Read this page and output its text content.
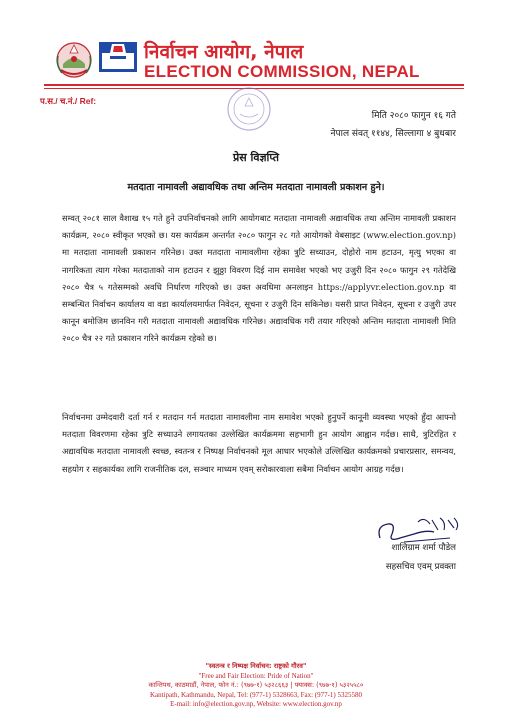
निर्वाचन आयोग, नेपाल
ELECTION COMMISSION, NEPAL
प.स./ च.नं./ Ref:
मिति २०८० फागुन १६ गते
नेपाल संवत् ११४४, सिल्लागा ४ बुधबार
प्रेस विज्ञप्ति
मतदाता नामावली अद्यावधिक तथा अन्तिम मतदाता नामावली प्रकाशन हुने।
सम्वत् २०८१ साल वैशाख १५ गते हुने उपनिर्वाचनको लागि आयोगबाट मतदाता नामावली अद्यावधिक तथा अन्तिम नामावली प्रकाशन कार्यक्रम, २०८० स्वीकृत भएको छ। यस कार्यक्रम अन्तर्गत २०८० फागुन २८ गते आयोगको वेबसाइट (www.election.gov.np) मा मतदाता नामावली प्रकाशन गरिनेछ। उक्त मतदाता नामावलीमा रहेका त्रुटि सच्याउन, दोहोरो नाम हटाउन, मृत्यु भएका वा नागरिकता त्याग गरेका मतदाताको नाम हटाउन र झुठ्ठा विवरण दिई नाम समावेश भएको भए उजुरी दिन २०८० फागुन २९ गतेदेखि २०८० चैत्र ५ गतेसम्मको अवधि निर्धारण गरिएको छ। उक्त अवधिमा अनलाइन https://applyvr.election.gov.np वा सम्बन्धित निर्वाचन कार्यालय वा वडा कार्यालयमार्फत निवेदन, सूचना र उजुरी दिन सकिनेछ। यसरी प्राप्त निवेदन, सूचना र उजुरी उपर कानून बमोजिम छानविन गरी मतदाता नामावली अद्यावधिक गरिनेछ। अद्यावधिक गरी तयार गरिएको अन्तिम मतदाता नामावली मिति २०८० चैत्र २२ गते प्रकाशन गरिने कार्यक्रम रहेको छ।
निर्वाचनमा उम्मेदवारी दर्ता गर्न र मतदान गर्न मतदाता नामावलीमा नाम समावेश भएको हुनुपर्ने कानूनी व्यवस्था भएको हुँदा आफ्नो मतदाता विवरणमा रहेका त्रुटि सच्याउने लगायतका उल्लेखित कार्यक्रममा सहभागी हुन आयोग आह्वान गर्दछ। साथै, त्रुटिरहित र अद्यावधिक मतदाता नामावली स्वच्छ, स्वतन्त्र र निष्पक्ष निर्वाचनको मूल आधार भएकोले उल्लिखित कार्यक्रमको प्रचारप्रसार, समन्वय, सहयोग र सहकार्यका लागि राजनीतिक दल, सञ्चार माध्यम एवम् सरोकारवाला सबैमा निर्वाचन आयोग आग्रह गर्दछ।
शालिग्राम शर्मा पौडेल
सहसचिव एवम् प्रवक्ता
"स्वतन्त्र र निष्पक्ष निर्वाचन: राष्ट्रको गौरव"
"Free and Fair Election: Pride of Nation"
कान्तिपथ, काठमाडौं, नेपाल, फोन नं.: (९७७-१) ५३२८६६३ | फ्याक्स: (९७७-१) ५३२५५८०
Kantipath, Kathmandu, Nepal, Tel: (977-1) 5328663, Fax: (977-1) 5325580
E-mail: info@election.gov.np, Website: www.election.gov.np
